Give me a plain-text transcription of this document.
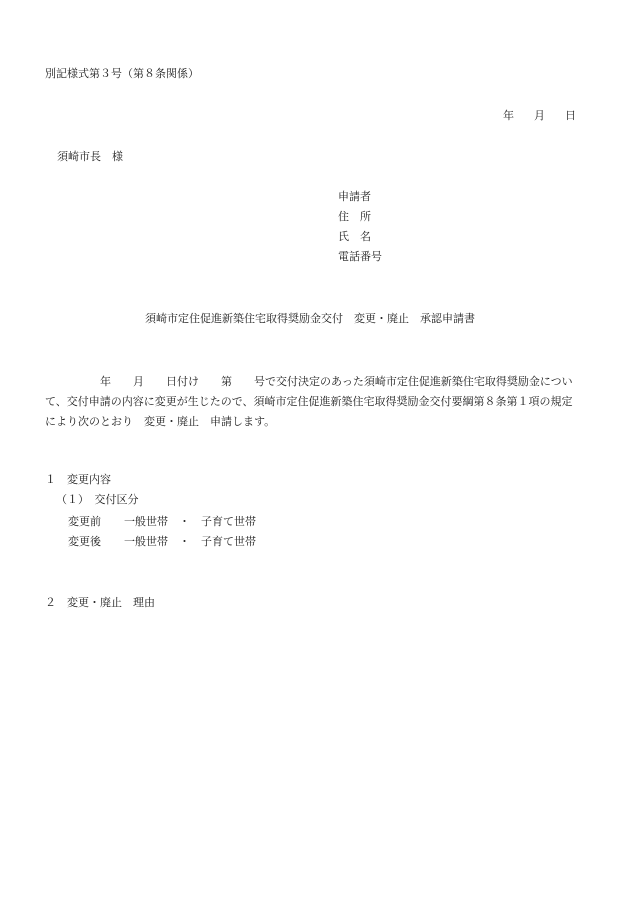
別記様式第３号（第８条関係）
年 月 日
須崎市長　様
申請者
住　所
氏　名
電話番号
須崎市定住促進新築住宅取得奨励金交付　変更・廃止　承認申請書
　　　　　年　　月　　日付け　　第　　号で交付決定のあった須崎市定住促進新築住宅取得奨励金につい
て、交付申請の内容に変更が生じたので、須崎市定住促進新築住宅取得奨励金交付要綱第８条第１項の規定
により次のとおり　変更・廃止　申請します。
１　変更内容
（１）　交付区分
変更前 一般世帯　・　子育て世帯
変更後 一般世帯　・　子育て世帯
２　変更・廃止　理由
